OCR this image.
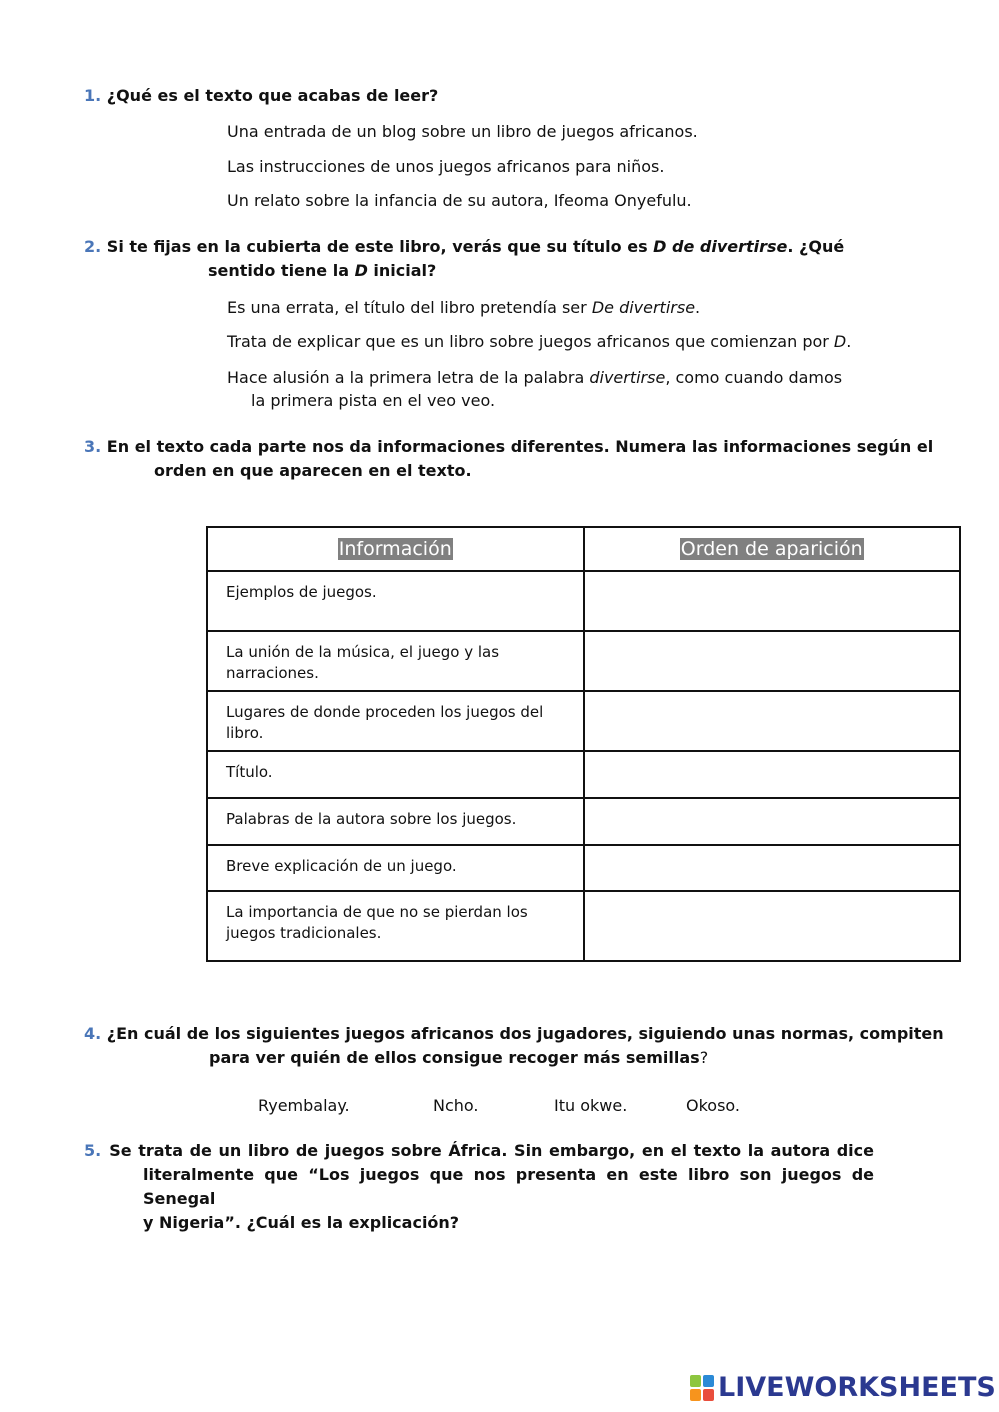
1. ¿Qué es el texto que acabas de leer?
Una entrada de un blog sobre un libro de juegos africanos.
Las instrucciones de unos juegos africanos para niños.
Un relato sobre la infancia de su autora, Ifeoma Onyefulu.
2. Si te fijas en la cubierta de este libro, verás que su título es D de divertirse. ¿Qué
sentido tiene la D inicial?
Es una errata, el título del libro pretendía ser De divertirse.
Trata de explicar que es un libro sobre juegos africanos que comienzan por D.
Hace alusión a la primera letra de la palabra divertirse, como cuando damos
la primera pista en el veo veo.
3. En el texto cada parte nos da informaciones diferentes. Numera las informaciones según el
orden en que aparecen en el texto.
Información	Orden de aparición
Ejemplos de juegos.	
La unión de la música, el juego y las narraciones.	
Lugares de donde proceden los juegos del libro.	
Título.	
Palabras de la autora sobre los juegos.	
Breve explicación de un juego.	
La importancia de que no se pierdan los juegos tradicionales.	
4. ¿En cuál de los siguientes juegos africanos dos jugadores, siguiendo unas normas, compiten
para ver quién de ellos consigue recoger más semillas?
Ryembalay.	Ncho.	Itu okwe.	Okoso.
5. Se trata de un libro de juegos sobre África. Sin embargo, en el texto la autora dice
literalmente que “Los juegos que nos presenta en este libro son juegos de Senegal
y Nigeria”. ¿Cuál es la explicación?
LIVEWORKSHEETS
